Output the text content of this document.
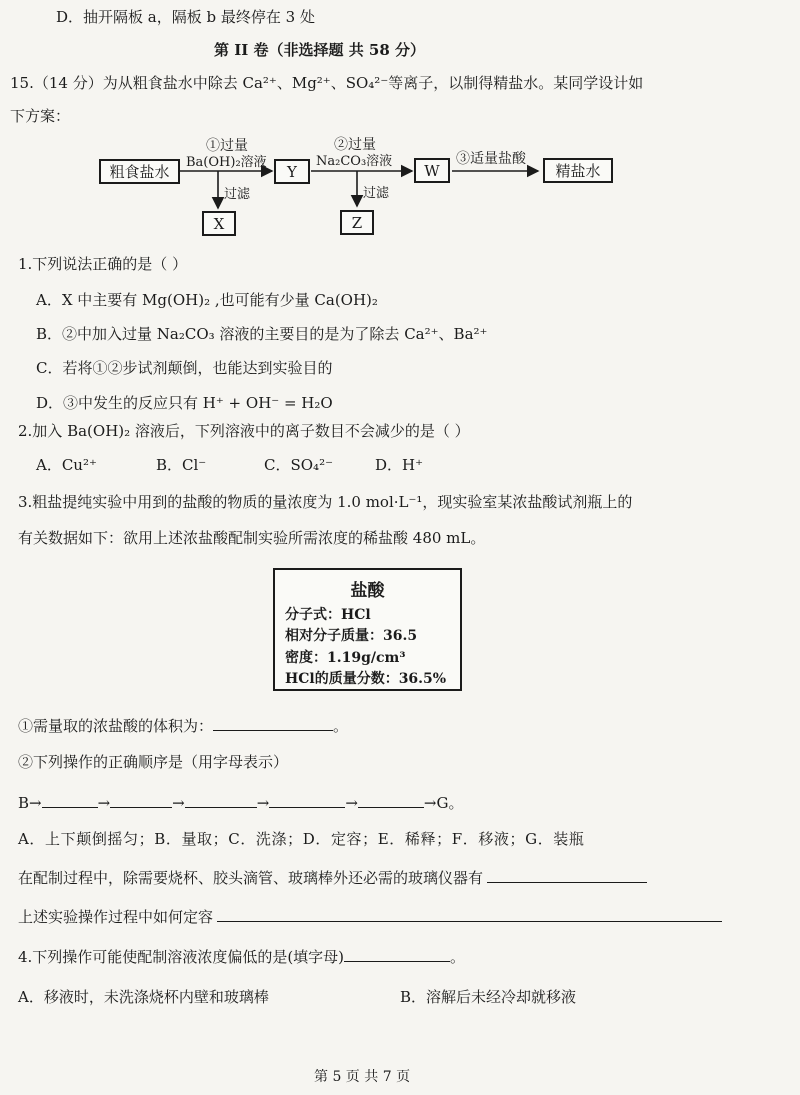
D．抽开隔板 a，隔板 b 最终停在 3 处
第 II 卷（非选择题 共 58 分）
15.（14 分）为从粗食盐水中除去 Ca²⁺、Mg²⁺、SO₄²⁻等离子，以制得精盐水。某同学设计如
下方案：
粗食盐水	Y	W	精盐水
X	Z
①过量
Ba(OH)₂溶液
②过量
Na₂CO₃溶液	③适量盐酸
过滤	过滤
1.下列说法正确的是（ ）
A．X 中主要有 Mg(OH)₂ ,也可能有少量 Ca(OH)₂
B．②中加入过量 Na₂CO₃ 溶液的主要目的是为了除去 Ca²⁺、Ba²⁺
C．若将①②步试剂颠倒，也能达到实验目的
D．③中发生的反应只有 H⁺ + OH⁻ = H₂O
2.加入 Ba(OH)₂ 溶液后，下列溶液中的离子数目不会减少的是（ ）
A．Cu²⁺	B．Cl⁻	C．SO₄²⁻	D．H⁺
3.粗盐提纯实验中用到的盐酸的物质的量浓度为 1.0 mol·L⁻¹，现实验室某浓盐酸试剂瓶上的
有关数据如下：欲用上述浓盐酸配制实验所需浓度的稀盐酸 480 mL。
盐酸
分子式：HCl
相对分子质量：36.5
密度：1.19g/cm³
HCl的质量分数：36.5%
①需量取的浓盐酸的体积为：	。
②下列操作的正确顺序是（用字母表示）
B→	→	→	→	→	→G。
A．上下颠倒摇匀；B．量取；C．洗涤；D．定容；E．稀释；F．移液；G．装瓶
在配制过程中，除需要烧杯、胶头滴管、玻璃棒外还必需的玻璃仪器有
上述实验操作过程中如何定容
4.下列操作可能使配制溶液浓度偏低的是(填字母)	。
A．移液时，未洗涤烧杯内壁和玻璃棒	B．溶解后未经冷却就移液
第 5 页 共 7 页
